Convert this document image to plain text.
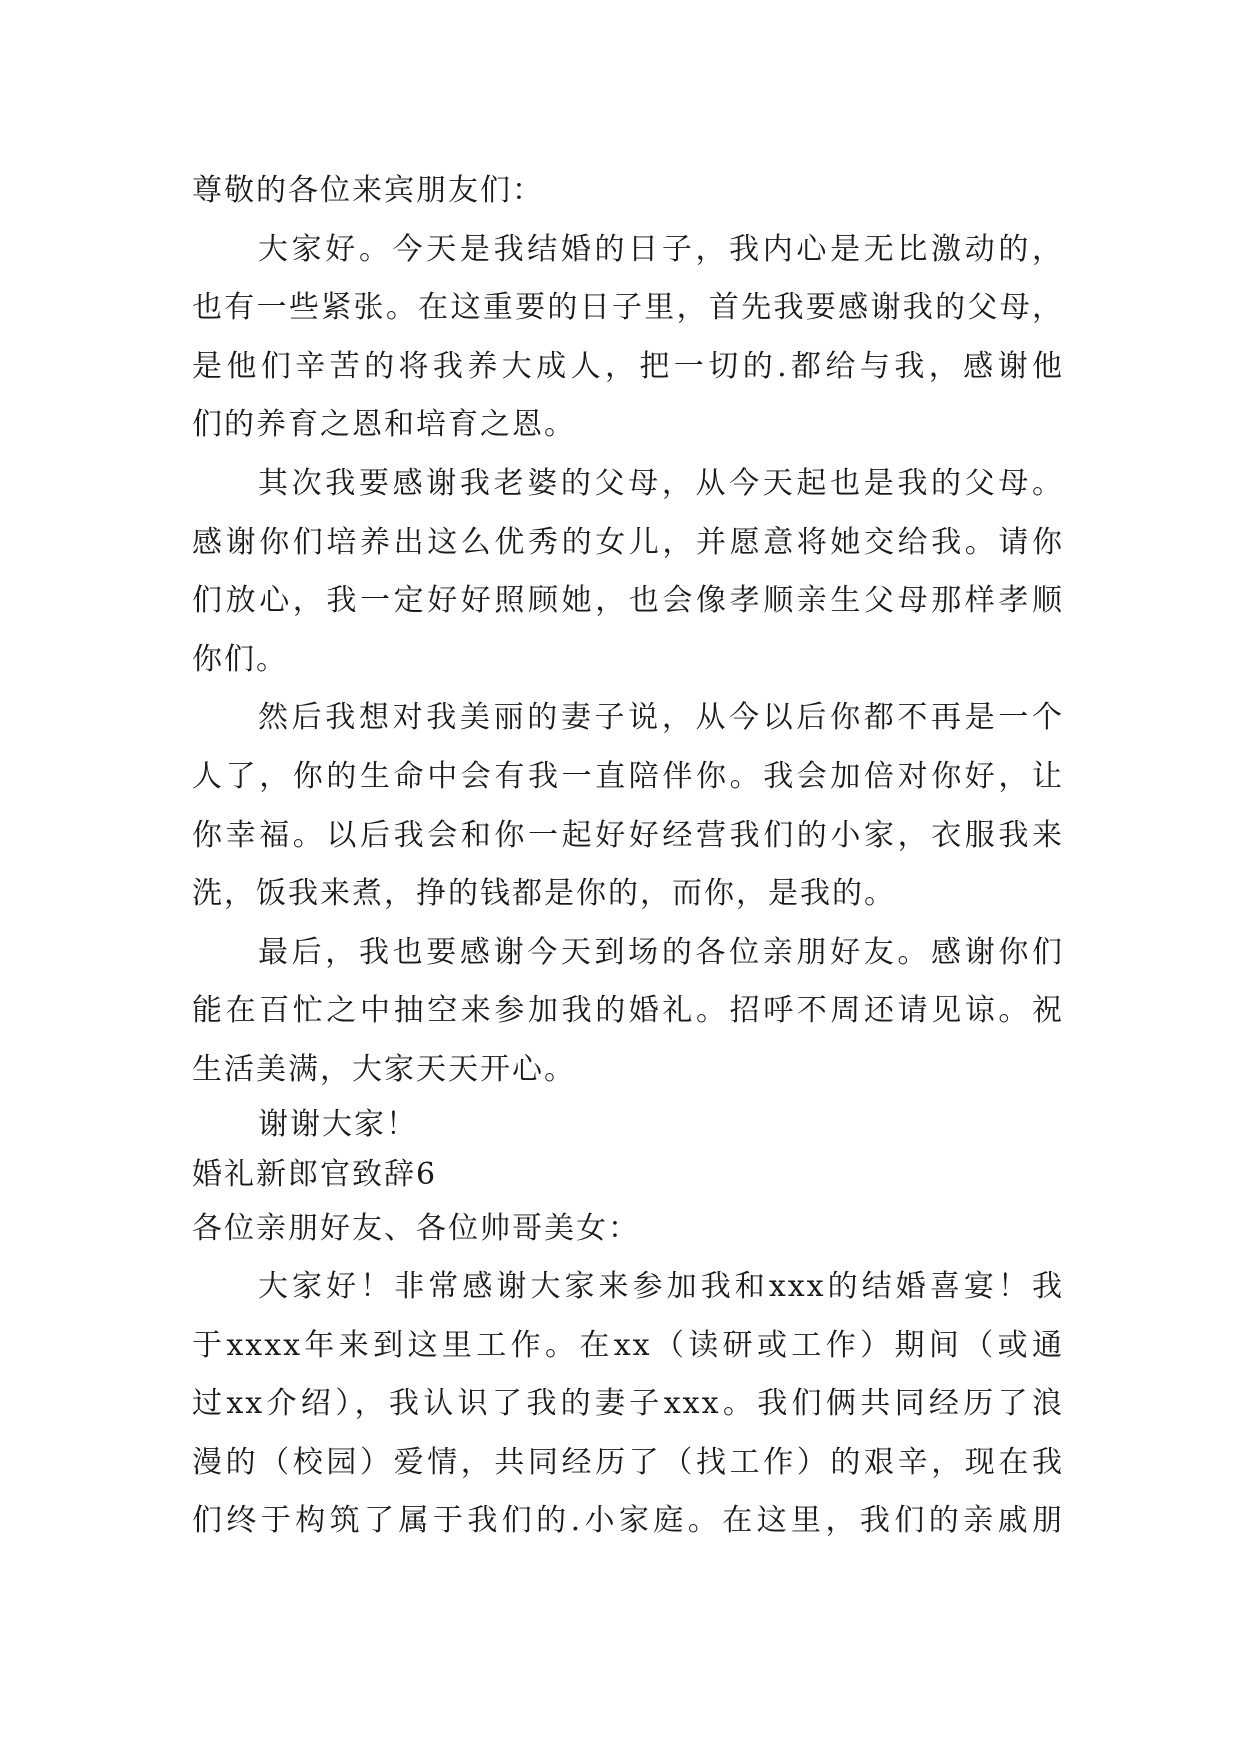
尊敬的各位来宾朋友们：
大家好。今天是我结婚的日子，我内心是无比激动的，
也有一些紧张。在这重要的日子里，首先我要感谢我的父母，
是他们辛苦的将我养大成人，把一切的.都给与我，感谢他
们的养育之恩和培育之恩。
其次我要感谢我老婆的父母，从今天起也是我的父母。
感谢你们培养出这么优秀的女儿，并愿意将她交给我。请你
们放心，我一定好好照顾她，也会像孝顺亲生父母那样孝顺
你们。
然后我想对我美丽的妻子说，从今以后你都不再是一个
人了，你的生命中会有我一直陪伴你。我会加倍对你好，让
你幸福。以后我会和你一起好好经营我们的小家，衣服我来
洗，饭我来煮，挣的钱都是你的，而你，是我的。
最后，我也要感谢今天到场的各位亲朋好友。感谢你们
能在百忙之中抽空来参加我的婚礼。招呼不周还请见谅。祝
生活美满，大家天天开心。
谢谢大家！
婚礼新郎官致辞6
各位亲朋好友、各位帅哥美女：
大家好！非常感谢大家来参加我和xxx的结婚喜宴！我
于xxxx年来到这里工作。在xx（读研或工作）期间（或通
过xx介绍），我认识了我的妻子xxx。我们俩共同经历了浪
漫的（校园）爱情，共同经历了（找工作）的艰辛，现在我
们终于构筑了属于我们的.小家庭。在这里，我们的亲戚朋
